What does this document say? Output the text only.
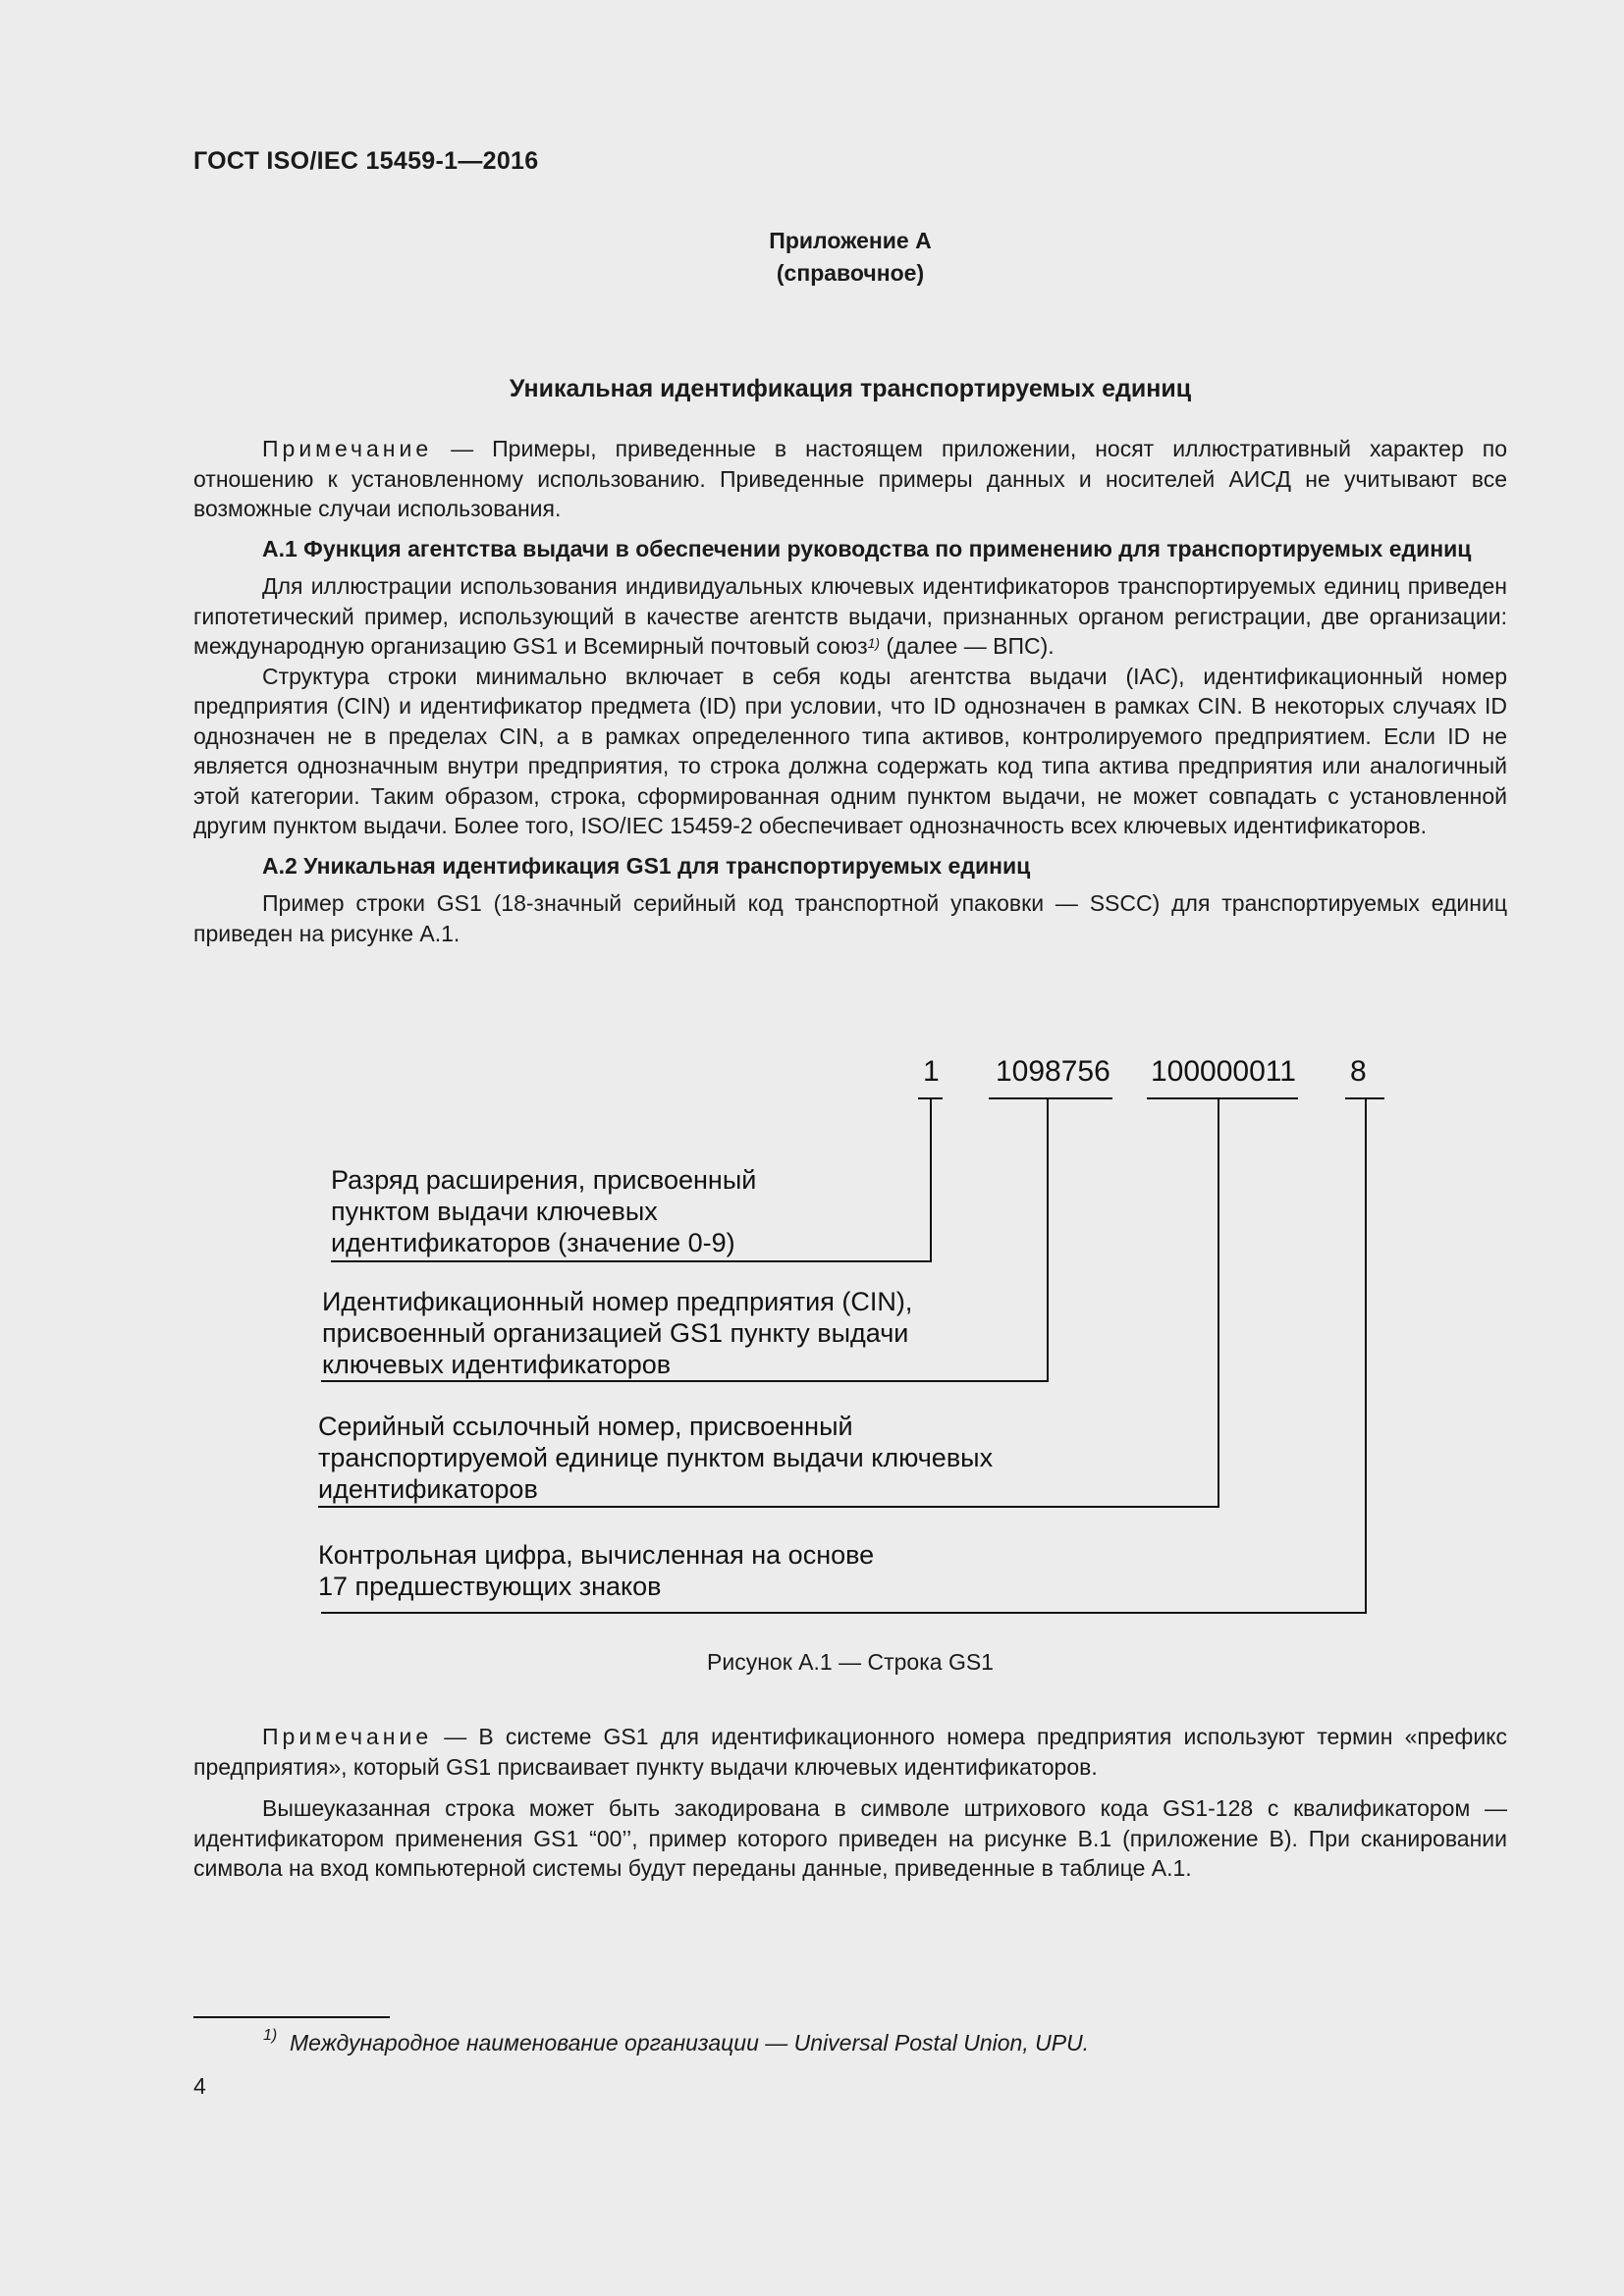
ГОСТ ISO/IEC 15459-1—2016
Приложение А
(справочное)
Уникальная идентификация транспортируемых единиц

Примечание — Примеры, приведенные в настоящем приложении, носят иллюстративный характер по отношению к установленному использованию. Приведенные примеры данных и носителей АИСД не учитывают все возможные случаи использования.

А.1 Функция агентства выдачи в обеспечении руководства по применению для транспортируемых единиц

Для иллюстрации использования индивидуальных ключевых идентификаторов транспортируемых единиц приведен гипотетический пример, использующий в качестве агентств выдачи, признанных органом регистрации, две организации: международную организацию GS1 и Всемирный почтовый союз$^{1)}$ (далее — ВПС).

Структура строки минимально включает в себя коды агентства выдачи (IAC), идентификационный номер предприятия (CIN) и идентификатор предмета (ID) при условии, что ID однозначен в рамках CIN. В некоторых случаях ID однозначен не в пределах CIN, а в рамках определенного типа активов, контролируемого предприятием. Если ID не является однозначным внутри предприятия, то строка должна содержать код типа актива предприятия или аналогичный этой категории. Таким образом, строка, сформированная одним пунктом выдачи, не может совпадать с установленной другим пунктом выдачи. Более того, ISO/IEC 15459-2 обеспечивает однозначность всех ключевых идентификаторов.

А.2 Уникальная идентификация GS1 для транспортируемых единиц

Пример строки GS1 (18-значный серийный код транспортной упаковки — SSCC) для транспортируемых единиц приведен на рисунке А.1.

1 1098756 100000011 8
Разряд расширения, присвоенный
пунктом выдачи ключевых
идентификаторов (значение 0-9)
Идентификационный номер предприятия (CIN),
присвоенный организацией GS1 пункту выдачи
ключевых идентификаторов
Серийный ссылочный номер, присвоенный
транспортируемой единице пунктом выдачи ключевых
идентификаторов
Контрольная цифра, вычисленная на основе
17 предшествующих знаков
Рисунок А.1 — Строка GS1

Примечание — В системе GS1 для идентификационного номера предприятия используют термин «префикс предприятия», который GS1 присваивает пункту выдачи ключевых идентификаторов.

Вышеуказанная строка может быть закодирована в символе штрихового кода GS1-128 с квалификатором — идентификатором применения GS1 “00’’, пример которого приведен на рисунке В.1 (приложение В). При сканировании символа на вход компьютерной системы будут переданы данные, приведенные в таблице А.1.

$^{1)}$ Международное наименование организации — Universal Postal Union, UPU.
4
